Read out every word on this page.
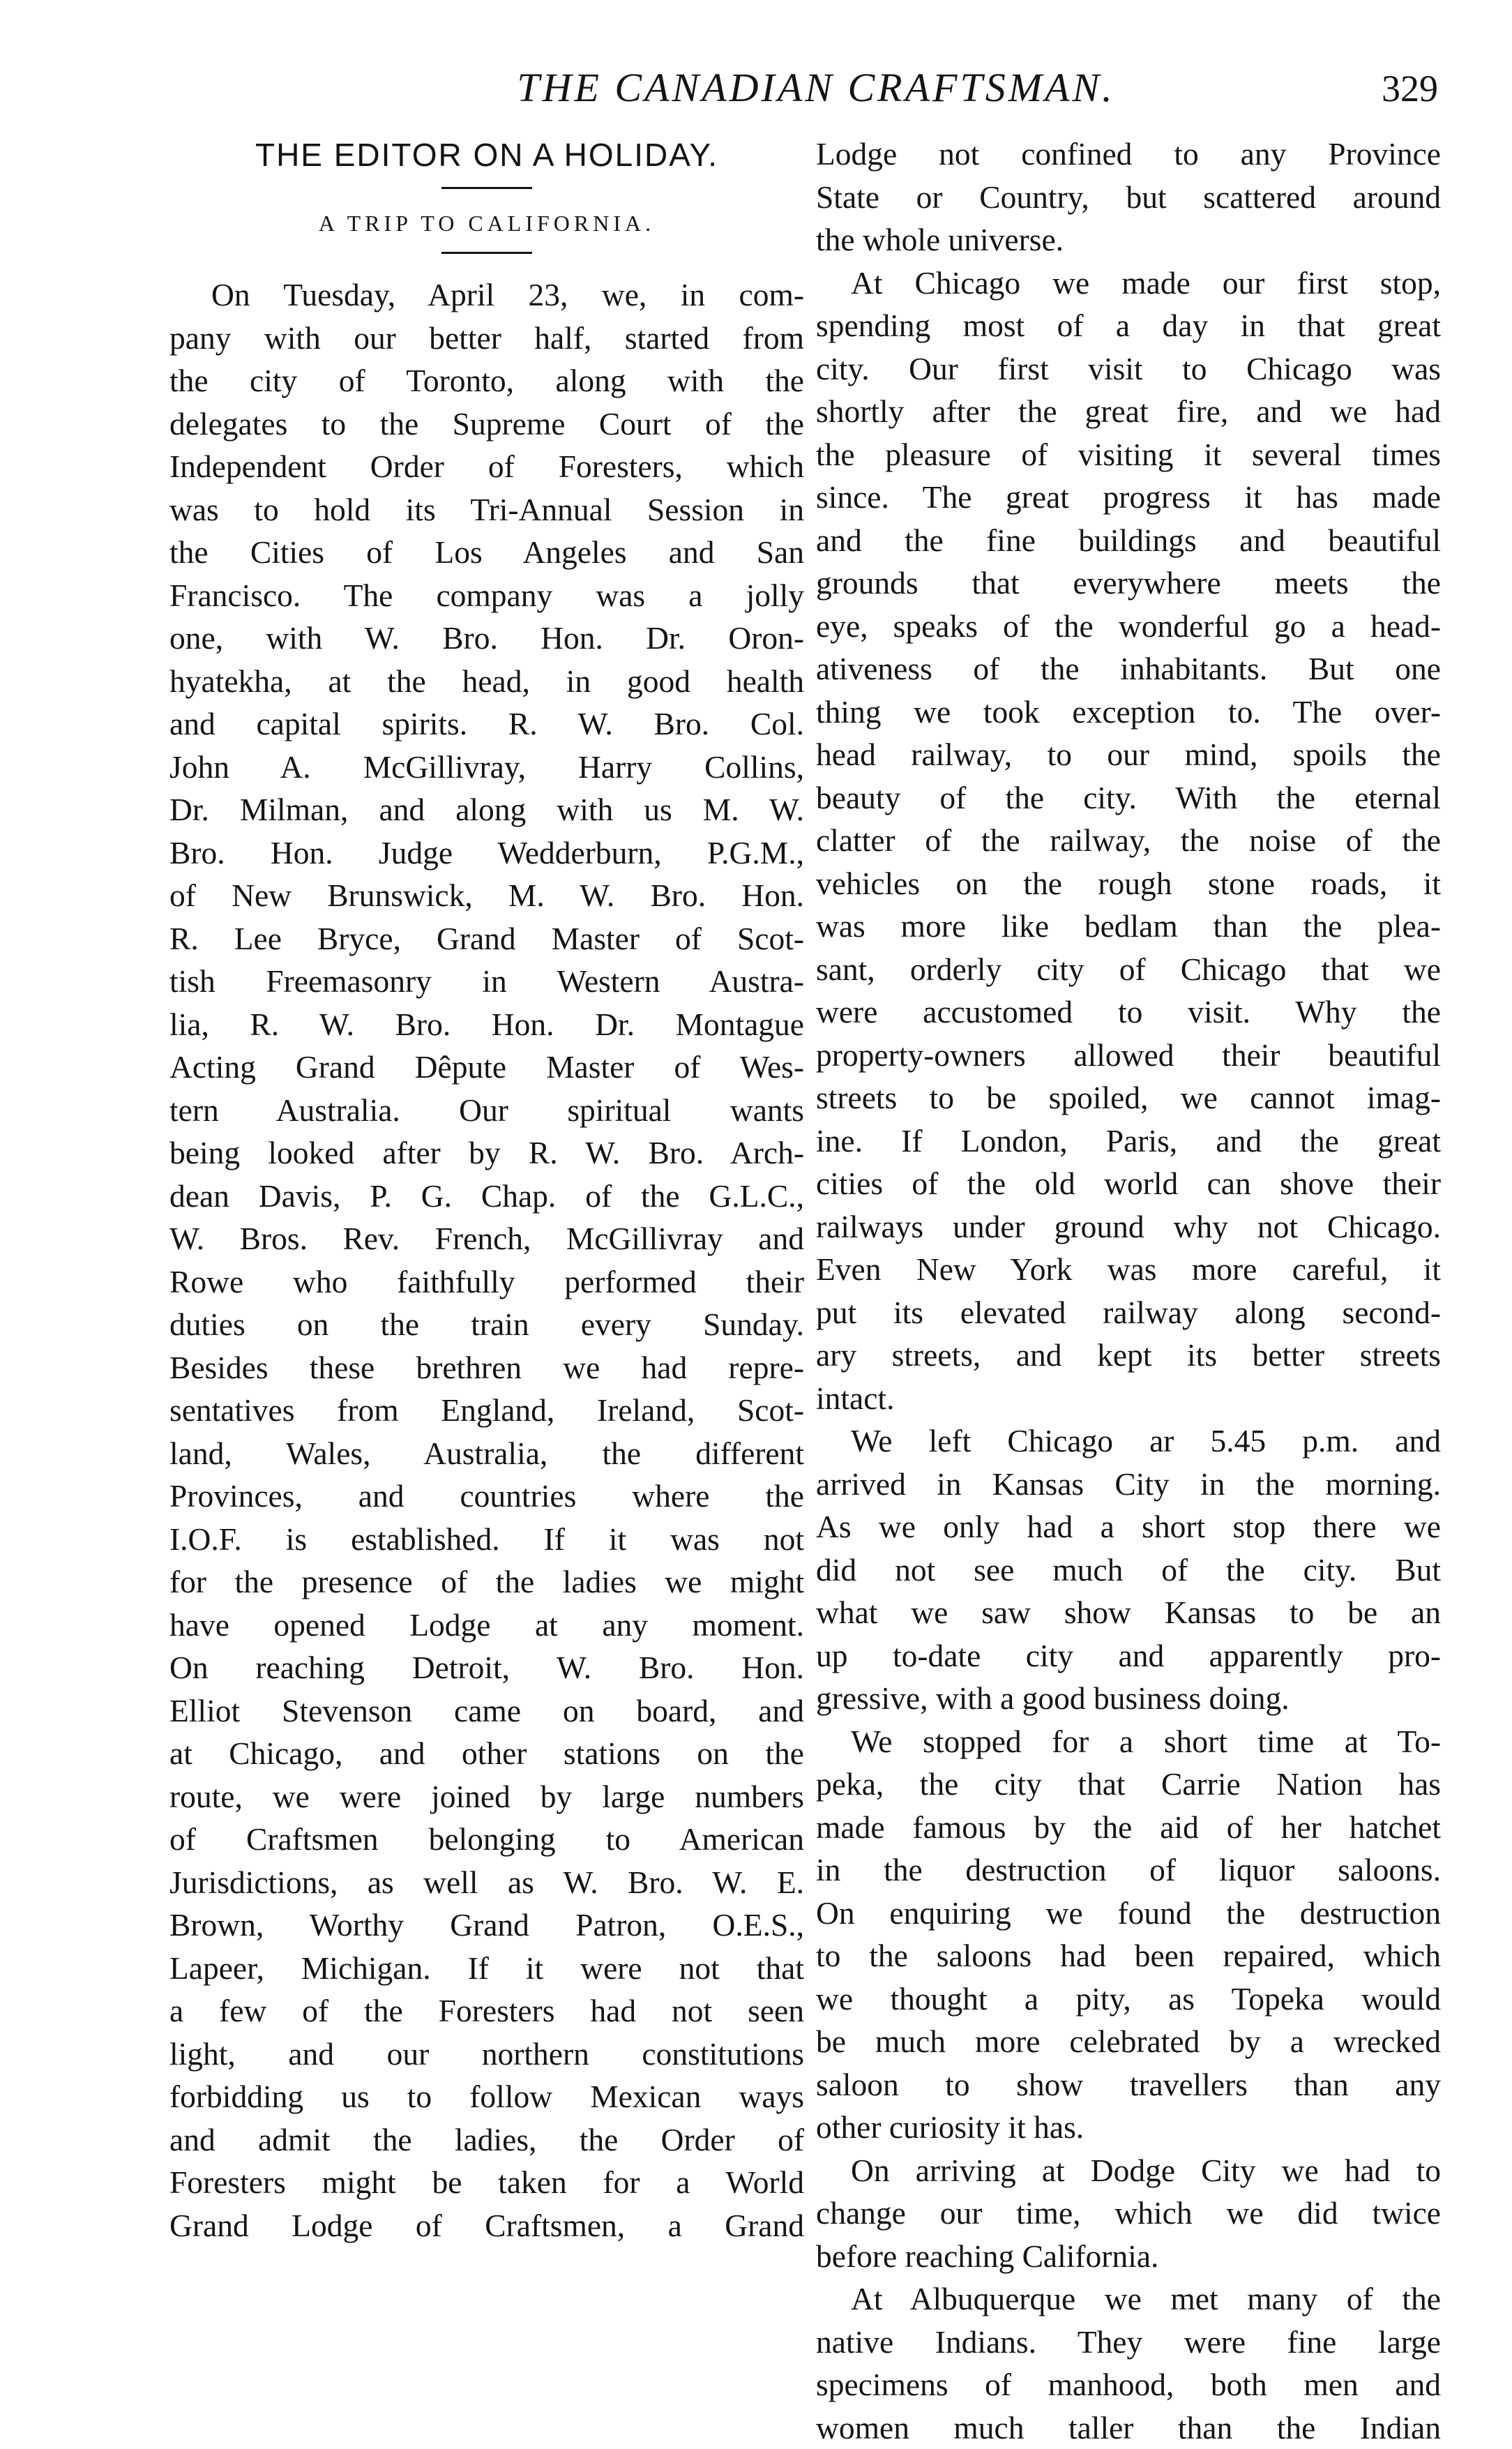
THE CANADIAN CRAFTSMAN.	329
THE EDITOR ON A HOLIDAY.
A TRIP TO CALIFORNIA.
On Tuesday, April 23, we, in com-
pany with our better half, started from
the city of Toronto, along with the
delegates to the Supreme Court of the
Independent Order of Foresters, which
was to hold its Tri-Annual Session in
the Cities of Los Angeles and San
Francisco. The company was a jolly
one, with W. Bro. Hon. Dr. Oron-
hyatekha, at the head, in good health
and capital spirits. R. W. Bro. Col.
John A. McGillivray, Harry Collins,
Dr. Milman, and along with us M. W.
Bro. Hon. Judge Wedderburn, P.G.M.,
of New Brunswick, M. W. Bro. Hon.
R. Lee Bryce, Grand Master of Scot-
tish Freemasonry in Western Austra-
lia, R. W. Bro. Hon. Dr. Montague
Acting Grand Dêpute Master of Wes-
tern Australia. Our spiritual wants
being looked after by R. W. Bro. Arch-
dean Davis, P. G. Chap. of the G.L.C.,
W. Bros. Rev. French, McGillivray and
Rowe who faithfully performed their
duties on the train every Sunday.
Besides these brethren we had repre-
sentatives from England, Ireland, Scot-
land, Wales, Australia, the different
Provinces, and countries where the
I.O.F. is established. If it was not
for the presence of the ladies we might
have opened Lodge at any moment.
On reaching Detroit, W. Bro. Hon.
Elliot Stevenson came on board, and
at Chicago, and other stations on the
route, we were joined by large numbers
of Craftsmen belonging to American
Jurisdictions, as well as W. Bro. W. E.
Brown, Worthy Grand Patron, O.E.S.,
Lapeer, Michigan. If it were not that
a few of the Foresters had not seen
light, and our northern constitutions
forbidding us to follow Mexican ways
and admit the ladies, the Order of
Foresters might be taken for a World
Grand Lodge of Craftsmen, a Grand
Lodge not confined to any Province
State or Country, but scattered around
the whole universe.
At Chicago we made our first stop,
spending most of a day in that great
city. Our first visit to Chicago was
shortly after the great fire, and we had
the pleasure of visiting it several times
since. The great progress it has made
and the fine buildings and beautiful
grounds that everywhere meets the
eye, speaks of the wonderful go a head-
ativeness of the inhabitants. But one
thing we took exception to. The over-
head railway, to our mind, spoils the
beauty of the city. With the eternal
clatter of the railway, the noise of the
vehicles on the rough stone roads, it
was more like bedlam than the plea-
sant, orderly city of Chicago that we
were accustomed to visit. Why the
property-owners allowed their beautiful
streets to be spoiled, we cannot imag-
ine. If London, Paris, and the great
cities of the old world can shove their
railways under ground why not Chicago.
Even New York was more careful, it
put its elevated railway along second-
ary streets, and kept its better streets
intact.
We left Chicago ar 5.45 p.m. and
arrived in Kansas City in the morning.
As we only had a short stop there we
did not see much of the city. But
what we saw show Kansas to be an
up to-date city and apparently pro-
gressive, with a good business doing.
We stopped for a short time at To-
peka, the city that Carrie Nation has
made famous by the aid of her hatchet
in the destruction of liquor saloons.
On enquiring we found the destruction
to the saloons had been repaired, which
we thought a pity, as Topeka would
be much more celebrated by a wrecked
saloon to show travellers than any
other curiosity it has.
On arriving at Dodge City we had to
change our time, which we did twice
before reaching California.
At Albuquerque we met many of the
native Indians. They were fine large
specimens of manhood, both men and
women much taller than the Indian
